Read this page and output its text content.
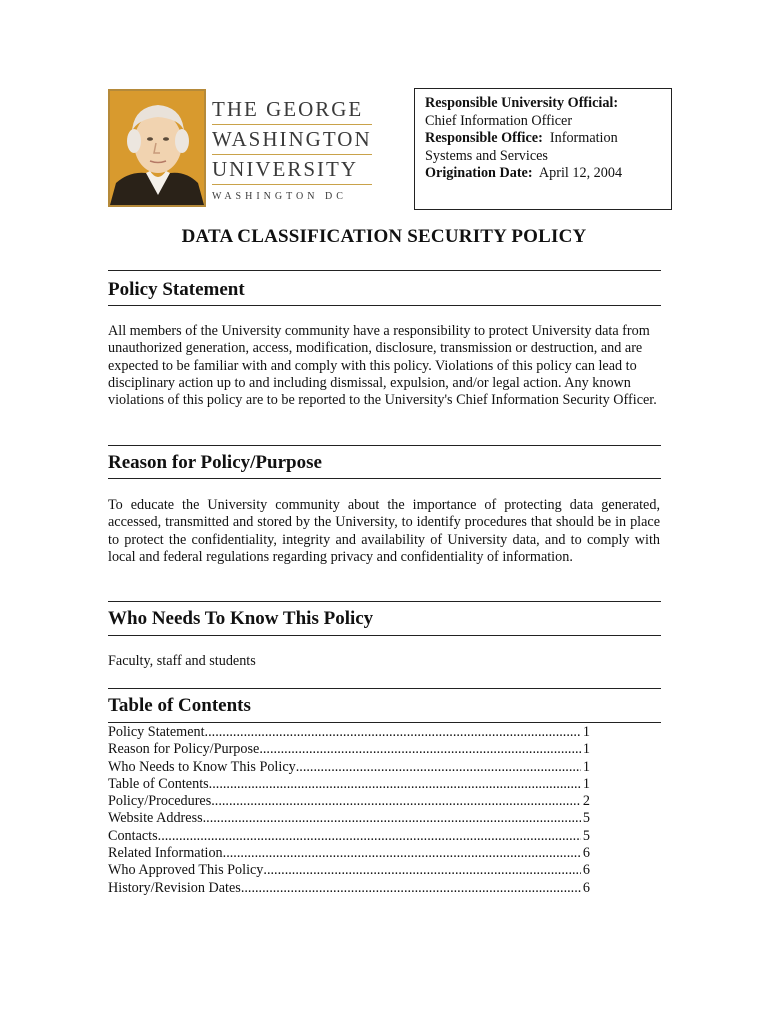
THE GEORGE
WASHINGTON
UNIVERSITY
WASHINGTON DC
Responsible University Official:
Chief Information Officer
Responsible Office: Information Systems and Services
Origination Date: April 12, 2004
DATA CLASSIFICATION SECURITY POLICY
Policy Statement
All members of the University community have a responsibility to protect University data from unauthorized generation, access, modification, disclosure, transmission or destruction, and are expected to be familiar with and comply with this policy. Violations of this policy can lead to disciplinary action up to and including dismissal, expulsion, and/or legal action. Any known violations of this policy are to be reported to the University's Chief Information Security Officer.
Reason for Policy/Purpose
To educate the University community about the importance of protecting data generated, accessed, transmitted and stored by the University, to identify procedures that should be in place to protect the confidentiality, integrity and availability of University data, and to comply with local and federal regulations regarding privacy and confidentiality of information.
Who Needs To Know This Policy
Faculty, staff and students
Table of Contents
Policy Statement .....	1
Reason for Policy/Purpose .....	1
Who Needs to Know This Policy .....	1
Table of Contents .....	1
Policy/Procedures .....	2
Website Address .....	5
Contacts .....	5
Related Information .....	6
Who Approved This Policy .....	6
History/Revision Dates .....	6
